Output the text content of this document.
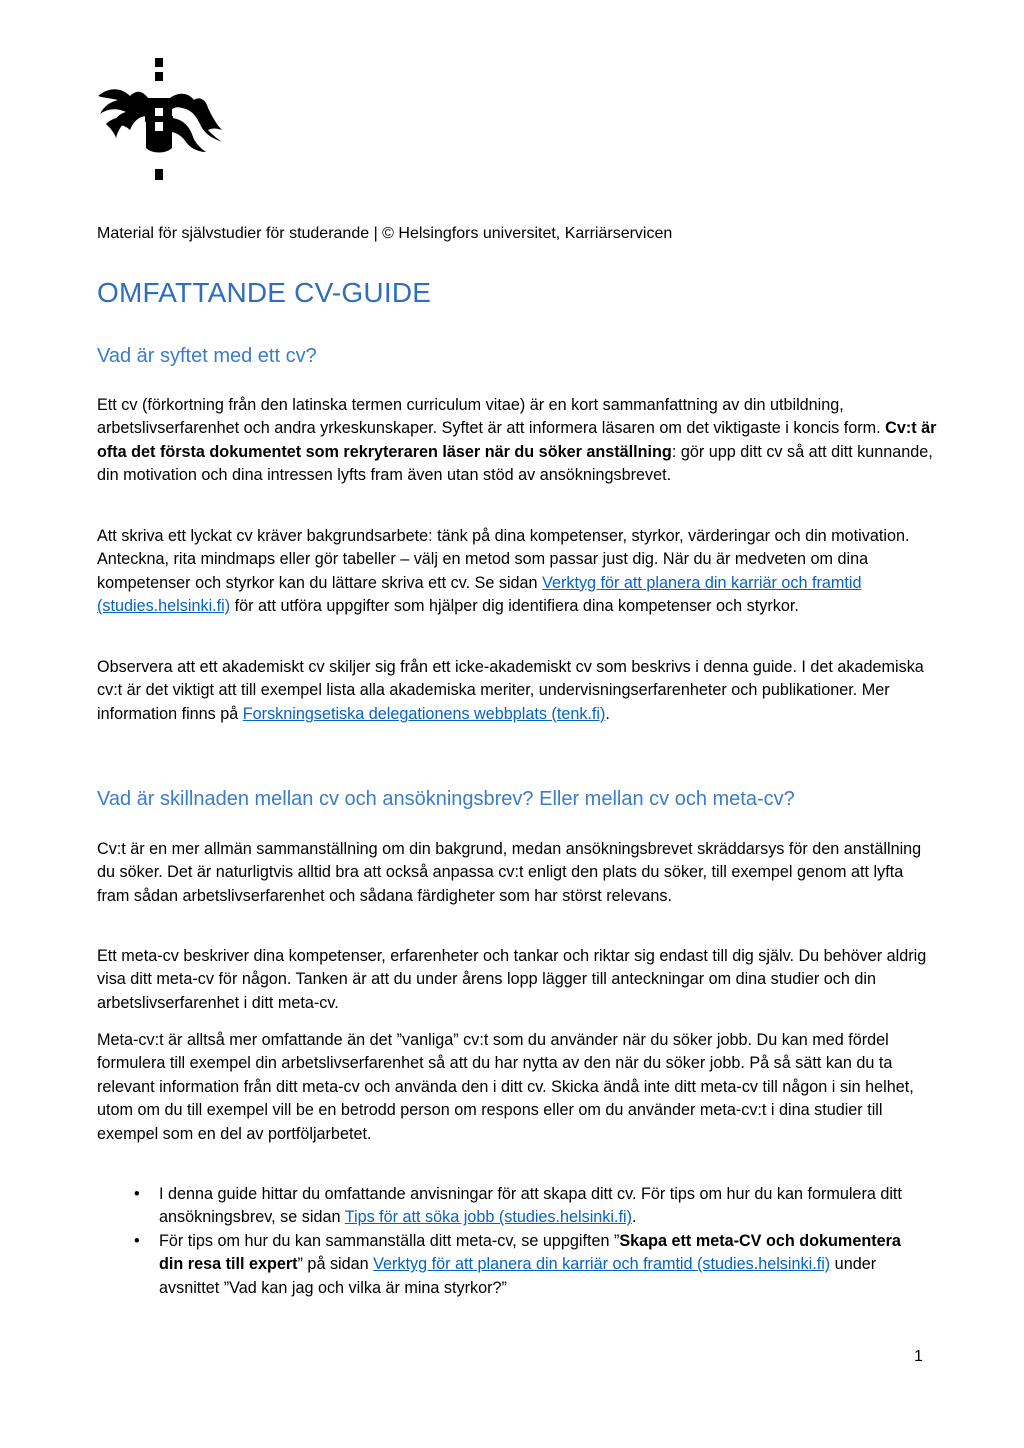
Material för självstudier för studerande | © Helsingfors universitet, Karriärservicen
OMFATTANDE CV-GUIDE
Vad är syftet med ett cv?

Ett cv (förkortning från den latinska termen curriculum vitae) är en kort sammanfattning av din utbildning, arbetslivserfarenhet och andra yrkeskunskaper. Syftet är att informera läsaren om det viktigaste i koncis form. Cv:t är ofta det första dokumentet som rekryteraren läser när du söker anställning: gör upp ditt cv så att ditt kunnande, din motivation och dina intressen lyfts fram även utan stöd av ansökningsbrevet.

Att skriva ett lyckat cv kräver bakgrundsarbete: tänk på dina kompetenser, styrkor, värderingar och din motivation. Anteckna, rita mindmaps eller gör tabeller – välj en metod som passar just dig. När du är medveten om dina kompetenser och styrkor kan du lättare skriva ett cv. Se sidan Verktyg för att planera din karriär och framtid (studies.helsinki.fi) för att utföra uppgifter som hjälper dig identifiera dina kompetenser och styrkor.

Observera att ett akademiskt cv skiljer sig från ett icke-akademiskt cv som beskrivs i denna guide. I det akademiska cv:t är det viktigt att till exempel lista alla akademiska meriter, undervisningserfarenheter och publikationer. Mer information finns på Forskningsetiska delegationens webbplats (tenk.fi).

Vad är skillnaden mellan cv och ansökningsbrev? Eller mellan cv och meta-cv?

Cv:t är en mer allmän sammanställning om din bakgrund, medan ansökningsbrevet skräddarsys för den anställning du söker. Det är naturligtvis alltid bra att också anpassa cv:t enligt den plats du söker, till exempel genom att lyfta fram sådan arbetslivserfarenhet och sådana färdigheter som har störst relevans.

Ett meta-cv beskriver dina kompetenser, erfarenheter och tankar och riktar sig endast till dig själv. Du behöver aldrig visa ditt meta-cv för någon. Tanken är att du under årens lopp lägger till anteckningar om dina studier och din arbetslivserfarenhet i ditt meta-cv.

Meta-cv:t är alltså mer omfattande än det ”vanliga” cv:t som du använder när du söker jobb. Du kan med fördel formulera till exempel din arbetslivserfarenhet så att du har nytta av den när du söker jobb. På så sätt kan du ta relevant information från ditt meta-cv och använda den i ditt cv. Skicka ändå inte ditt meta-cv till någon i sin helhet, utom om du till exempel vill be en betrodd person om respons eller om du använder meta-cv:t i dina studier till exempel som en del av portföljarbetet.

• I denna guide hittar du omfattande anvisningar för att skapa ditt cv. För tips om hur du kan formulera ditt ansökningsbrev, se sidan Tips för att söka jobb (studies.helsinki.fi).
• För tips om hur du kan sammanställa ditt meta-cv, se uppgiften ”Skapa ett meta-CV och dokumentera din resa till expert” på sidan Verktyg för att planera din karriär och framtid (studies.helsinki.fi) under avsnittet ”Vad kan jag och vilka är mina styrkor?”
1
